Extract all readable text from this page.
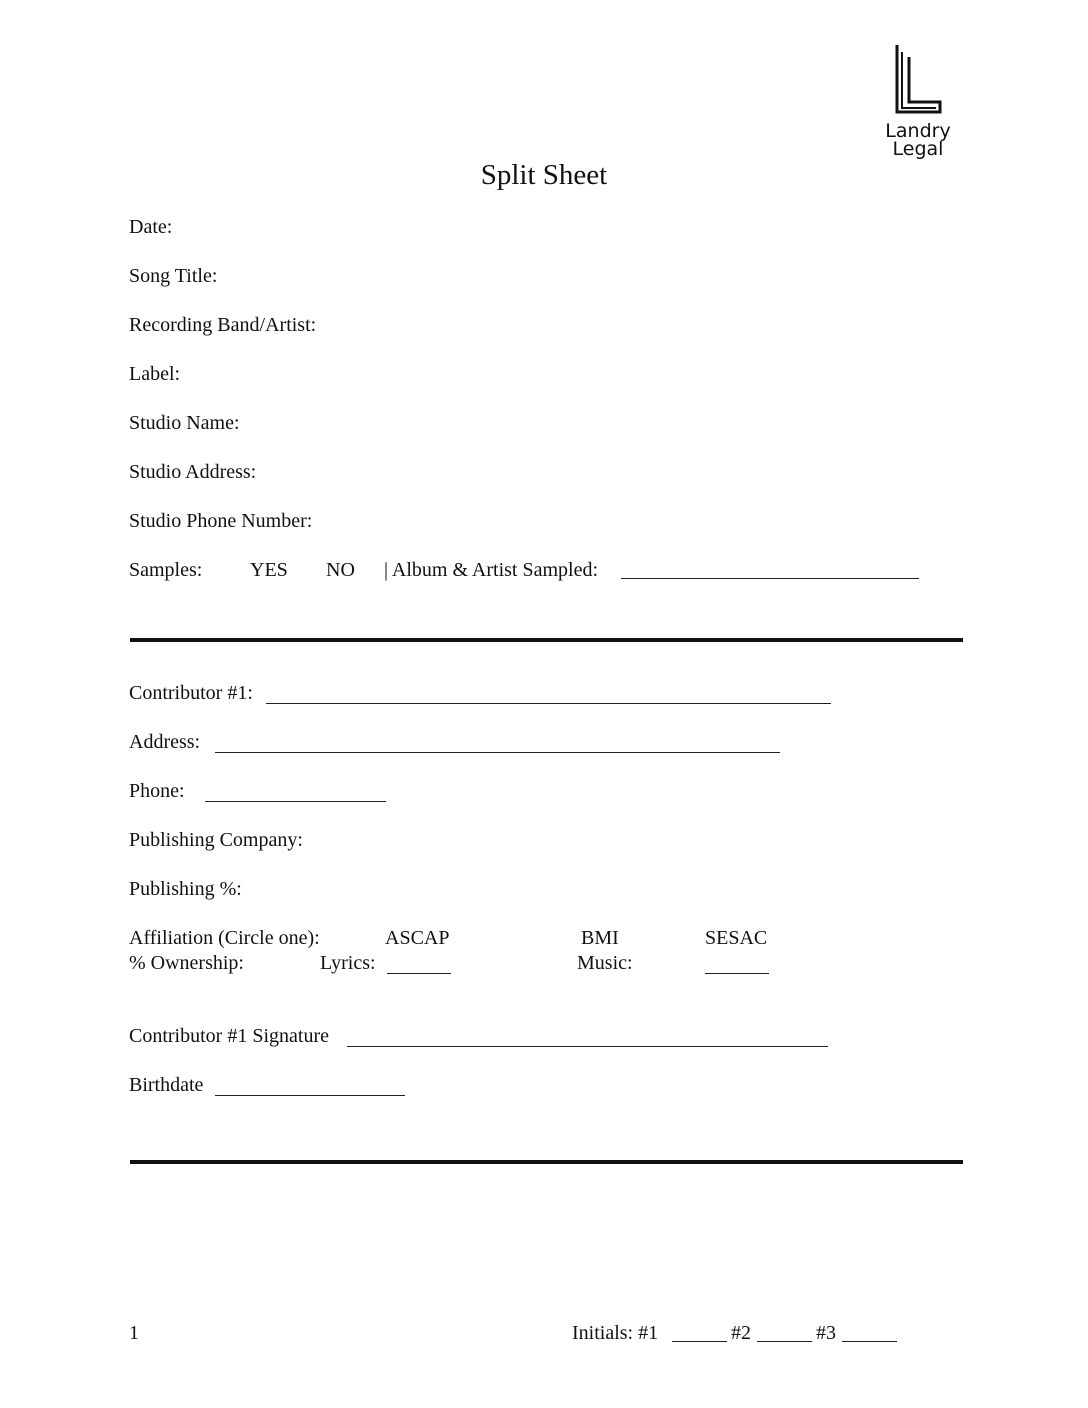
Landry
Legal
Split Sheet
Date:
Song Title:
Recording Band/Artist:
Label:
Studio Name:
Studio Address:
Studio Phone Number:
Samples: YES NO | Album & Artist Sampled:
Contributor #1:
Address:
Phone:
Publishing Company:
Publishing %:
Affiliation (Circle one):	ASCAP	BMI	SESAC
% Ownership:	Lyrics:	Music:
Contributor #1 Signature
Birthdate
1	Initials: #1	#2	#3
